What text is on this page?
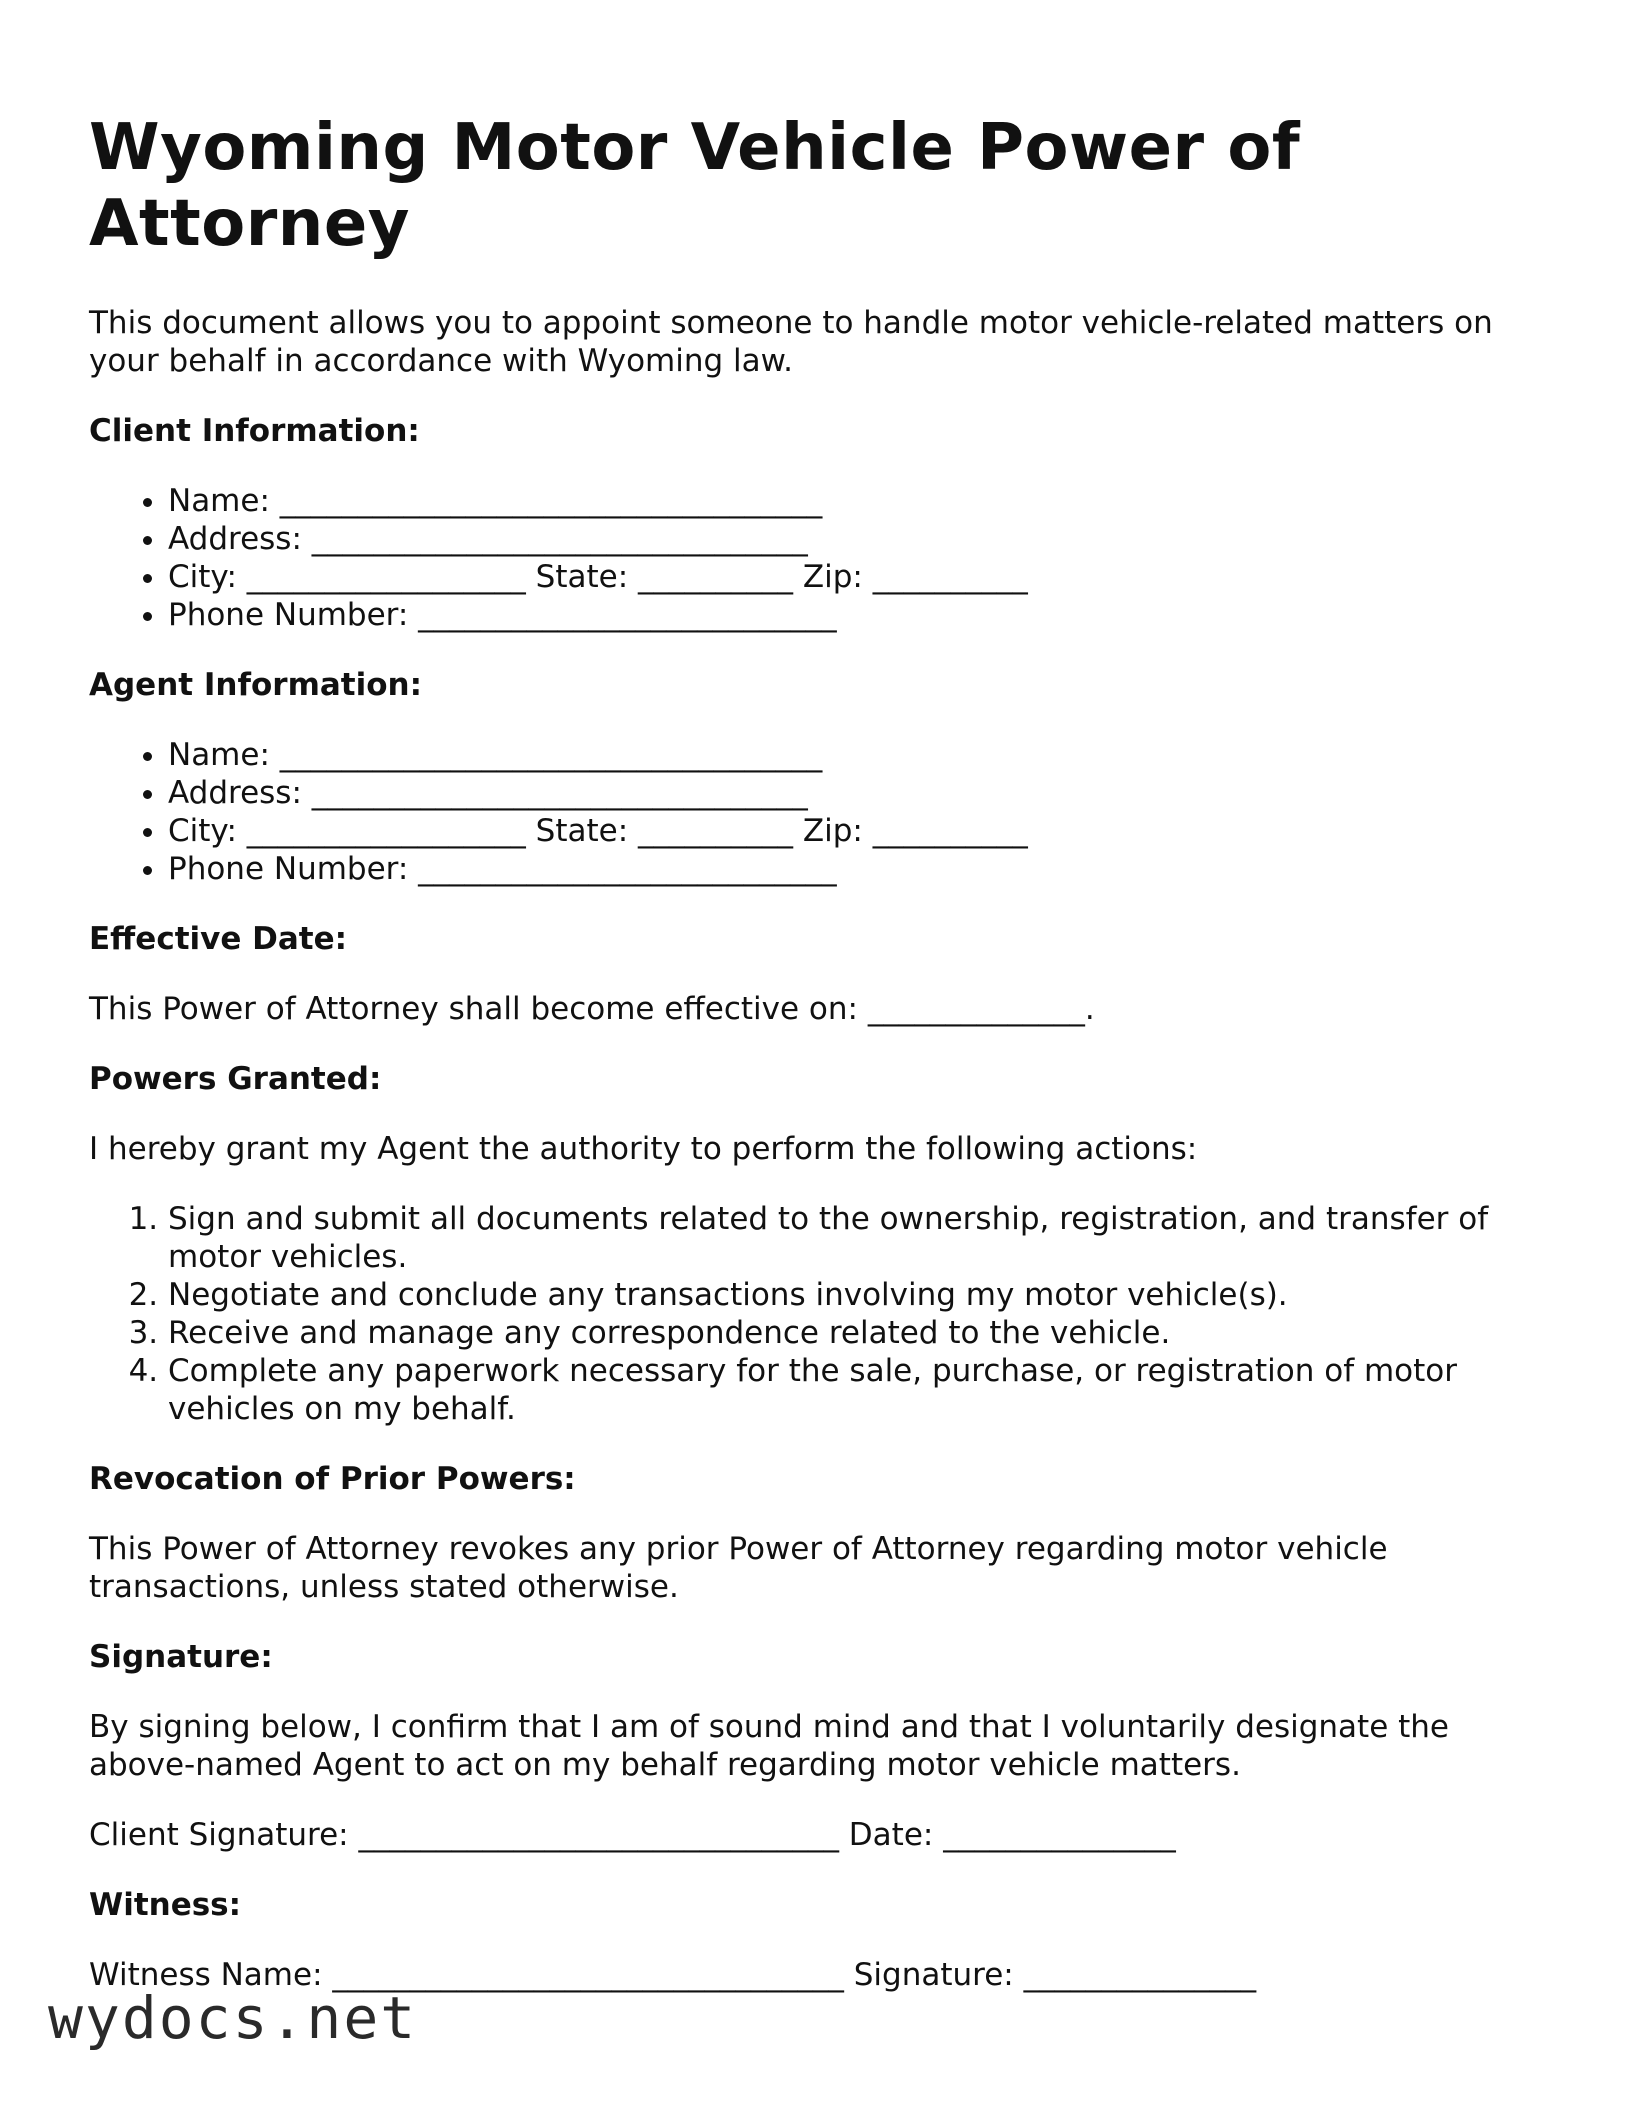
Wyoming Motor Vehicle Power of Attorney

This document allows you to appoint someone to handle motor vehicle-related matters on your behalf in accordance with Wyoming law.

Client Information:
• Name: ___________________________________
• Address: ________________________________
• City: __________________ State: __________ Zip: __________
• Phone Number: ___________________________
Agent Information:
• Name: ___________________________________
• Address: ________________________________
• City: __________________ State: __________ Zip: __________
• Phone Number: ___________________________
Effective Date:

This Power of Attorney shall become effective on: ______________.

Powers Granted:

I hereby grant my Agent the authority to perform the following actions:

1. Sign and submit all documents related to the ownership, registration, and transfer of motor vehicles.
2. Negotiate and conclude any transactions involving my motor vehicle(s).
3. Receive and manage any correspondence related to the vehicle.
4. Complete any paperwork necessary for the sale, purchase, or registration of motor vehicles on my behalf.
Revocation of Prior Powers:

This Power of Attorney revokes any prior Power of Attorney regarding motor vehicle transactions, unless stated otherwise.

Signature:

By signing below, I confirm that I am of sound mind and that I voluntarily designate the above-named Agent to act on my behalf regarding motor vehicle matters.

Client Signature: _______________________________ Date: _______________

Witness:

Witness Name: _________________________________ Signature: _______________

wydocs.net
